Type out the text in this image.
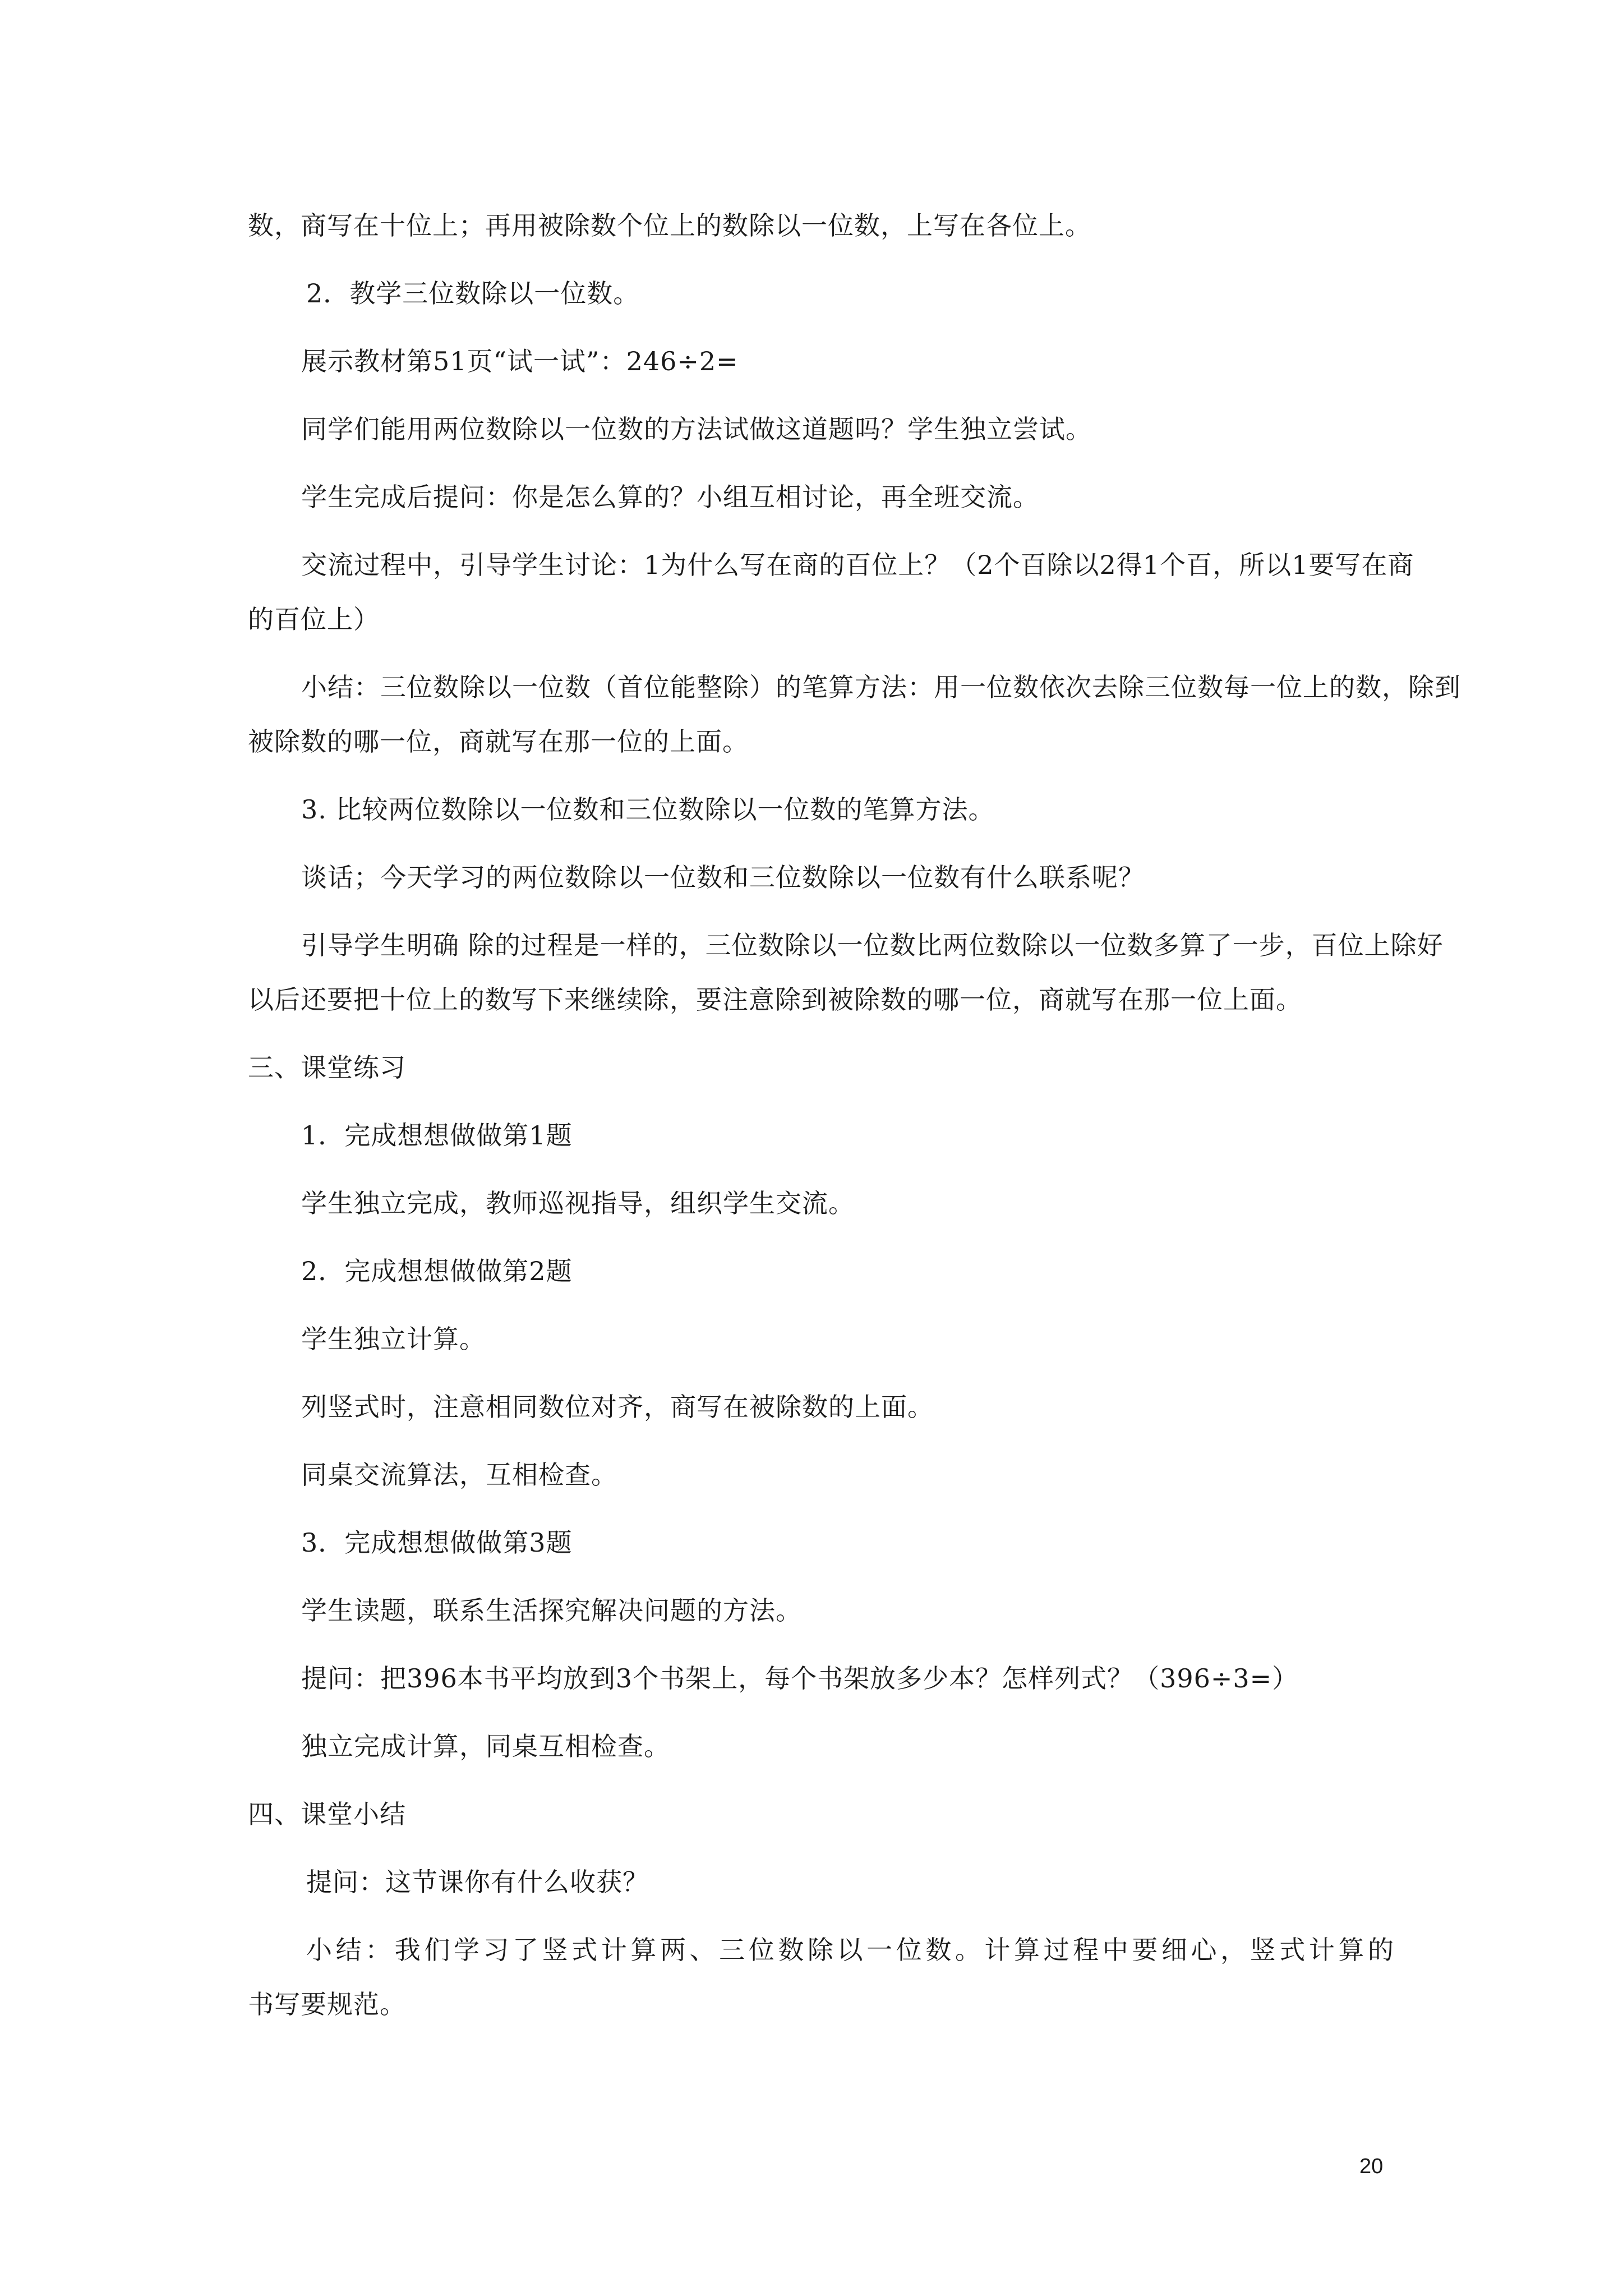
数，商写在十位上；再用被除数个位上的数除以一位数，上写在各位上。
2．教学三位数除以一位数。
展示教材第51页“试一试”：246÷2=
同学们能用两位数除以一位数的方法试做这道题吗？学生独立尝试。
学生完成后提问：你是怎么算的？小组互相讨论，再全班交流。
交流过程中，引导学生讨论：1为什么写在商的百位上？（2个百除以2得1个百，所以1要写在商
的百位上）
小结：三位数除以一位数（首位能整除）的笔算方法：用一位数依次去除三位数每一位上的数，除到
被除数的哪一位，商就写在那一位的上面。
3. 比较两位数除以一位数和三位数除以一位数的笔算方法。
谈话；今天学习的两位数除以一位数和三位数除以一位数有什么联系呢？
引导学生明确 除的过程是一样的，三位数除以一位数比两位数除以一位数多算了一步，百位上除好
以后还要把十位上的数写下来继续除，要注意除到被除数的哪一位，商就写在那一位上面。
三、课堂练习
1．完成想想做做第1题
学生独立完成，教师巡视指导，组织学生交流。
2．完成想想做做第2题
学生独立计算。
列竖式时，注意相同数位对齐，商写在被除数的上面。
同桌交流算法，互相检查。
3．完成想想做做第3题
学生读题，联系生活探究解决问题的方法。
提问：把396本书平均放到3个书架上，每个书架放多少本？怎样列式？（396÷3=）
独立完成计算，同桌互相检查。
四、课堂小结
提问：这节课你有什么收获？
小结：我们学习了竖式计算两、三位数除以一位数。计算过程中要细心，竖式计算的
书写要规范。
20
